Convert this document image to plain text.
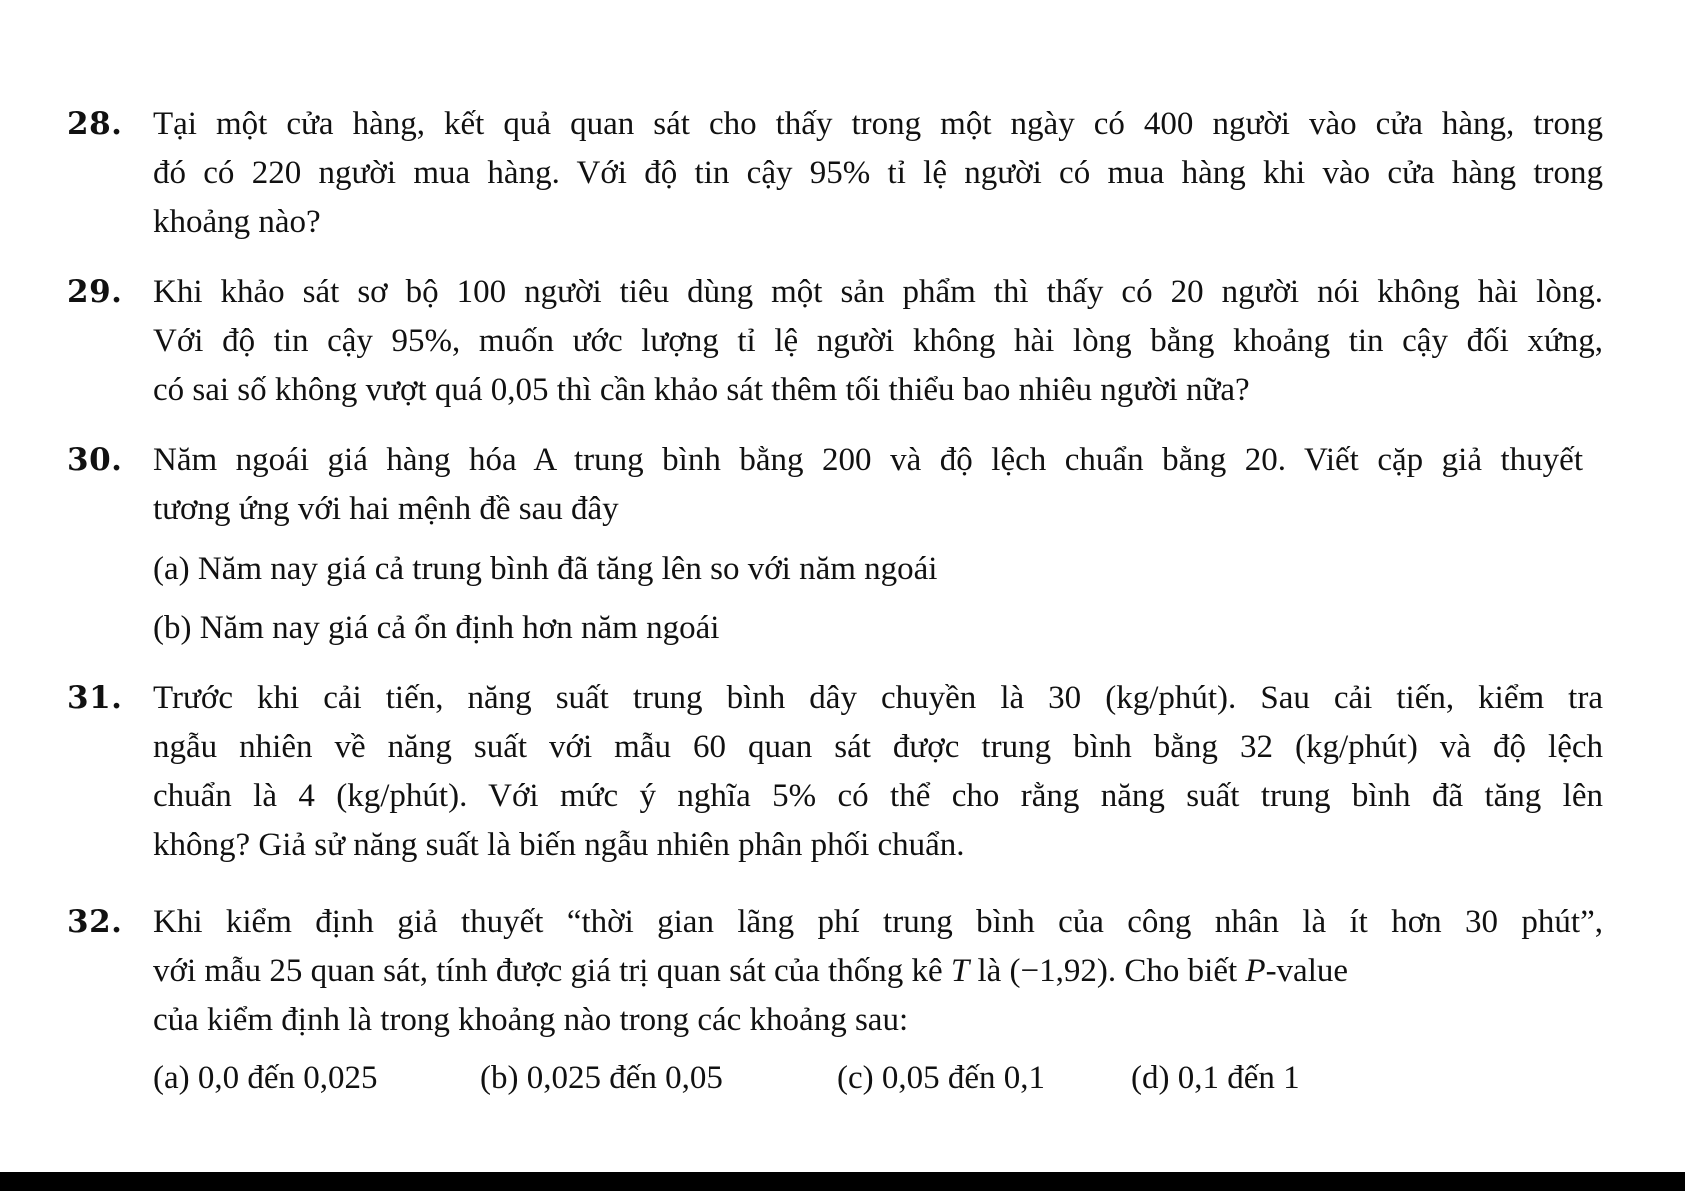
28. Tại một cửa hàng, kết quả quan sát cho thấy trong một ngày có 400 người vào cửa hàng, trong
đó có 220 người mua hàng. Với độ tin cậy 95% tỉ lệ người có mua hàng khi vào cửa hàng trong
khoảng nào?
29. Khi khảo sát sơ bộ 100 người tiêu dùng một sản phẩm thì thấy có 20 người nói không hài lòng.
Với độ tin cậy 95%, muốn ước lượng tỉ lệ người không hài lòng bằng khoảng tin cậy đối xứng,
có sai số không vượt quá 0,05 thì cần khảo sát thêm tối thiểu bao nhiêu người nữa?
30. Năm ngoái giá hàng hóa A trung bình bằng 200 và độ lệch chuẩn bằng 20. Viết cặp giả thuyết
tương ứng với hai mệnh đề sau đây
(a) Năm nay giá cả trung bình đã tăng lên so với năm ngoái
(b) Năm nay giá cả ổn định hơn năm ngoái
31. Trước khi cải tiến, năng suất trung bình dây chuyền là 30 (kg/phút). Sau cải tiến, kiểm tra
ngẫu nhiên về năng suất với mẫu 60 quan sát được trung bình bằng 32 (kg/phút) và độ lệch
chuẩn là 4 (kg/phút). Với mức ý nghĩa 5% có thể cho rằng năng suất trung bình đã tăng lên
không? Giả sử năng suất là biến ngẫu nhiên phân phối chuẩn.
32. Khi kiểm định giả thuyết “thời gian lãng phí trung bình của công nhân là ít hơn 30 phút”,
với mẫu 25 quan sát, tính được giá trị quan sát của thống kê T là (−1,92). Cho biết P-value
của kiểm định là trong khoảng nào trong các khoảng sau:
(a) 0,0 đến 0,025	(b) 0,025 đến 0,05	(c) 0,05 đến 0,1	(d) 0,1 đến 1
